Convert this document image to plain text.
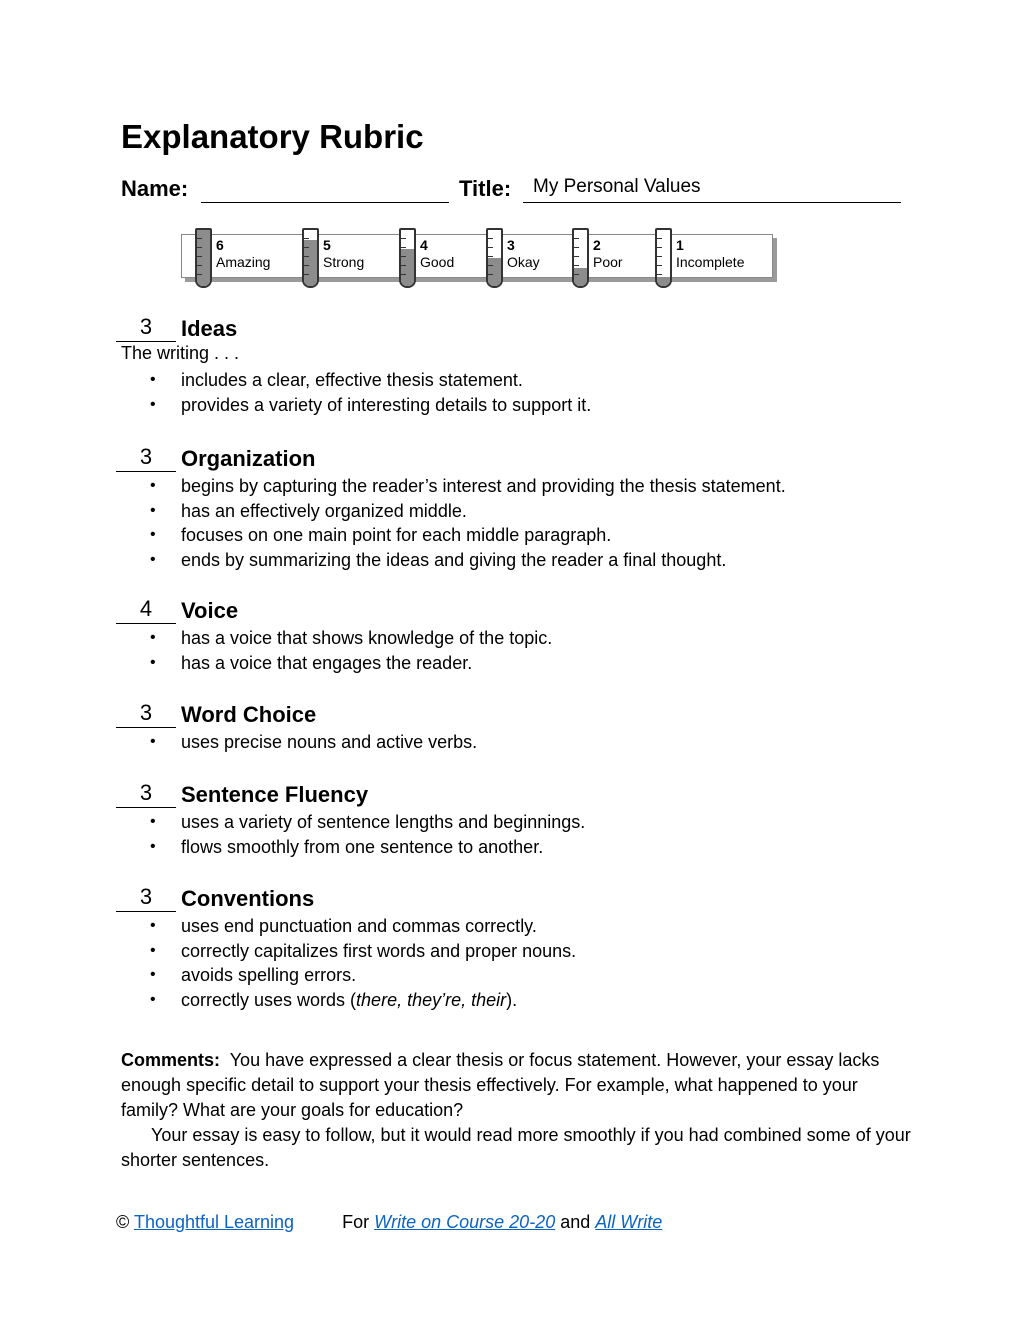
Explanatory Rubric
Name:	Title: My Personal Values
6
Amazing
5
Strong
4
Good
3
Okay
2
Poor
1
Incomplete
3	Ideas
The writing . . .
• includes a clear, effective thesis statement.
• provides a variety of interesting details to support it.
3	Organization
• begins by capturing the reader’s interest and providing the thesis statement.
• has an effectively organized middle.
• focuses on one main point for each middle paragraph.
• ends by summarizing the ideas and giving the reader a final thought.
4	Voice
• has a voice that shows knowledge of the topic.
• has a voice that engages the reader.
3	Word Choice
• uses precise nouns and active verbs.
3	Sentence Fluency
• uses a variety of sentence lengths and beginnings.
• flows smoothly from one sentence to another.
3	Conventions
• uses end punctuation and commas correctly.
• correctly capitalizes first words and proper nouns.
• avoids spelling errors.
• correctly uses words (there, they’re, their).

Comments: You have expressed a clear thesis or focus statement. However, your essay lacks enough specific detail to support your thesis effectively. For example, what happened to your family? What are your goals for education?

Your essay is easy to follow, but it would read more smoothly if you had combined some of your shorter sentences.

© Thoughtful Learning	For Write on Course 20-20 and All Write
